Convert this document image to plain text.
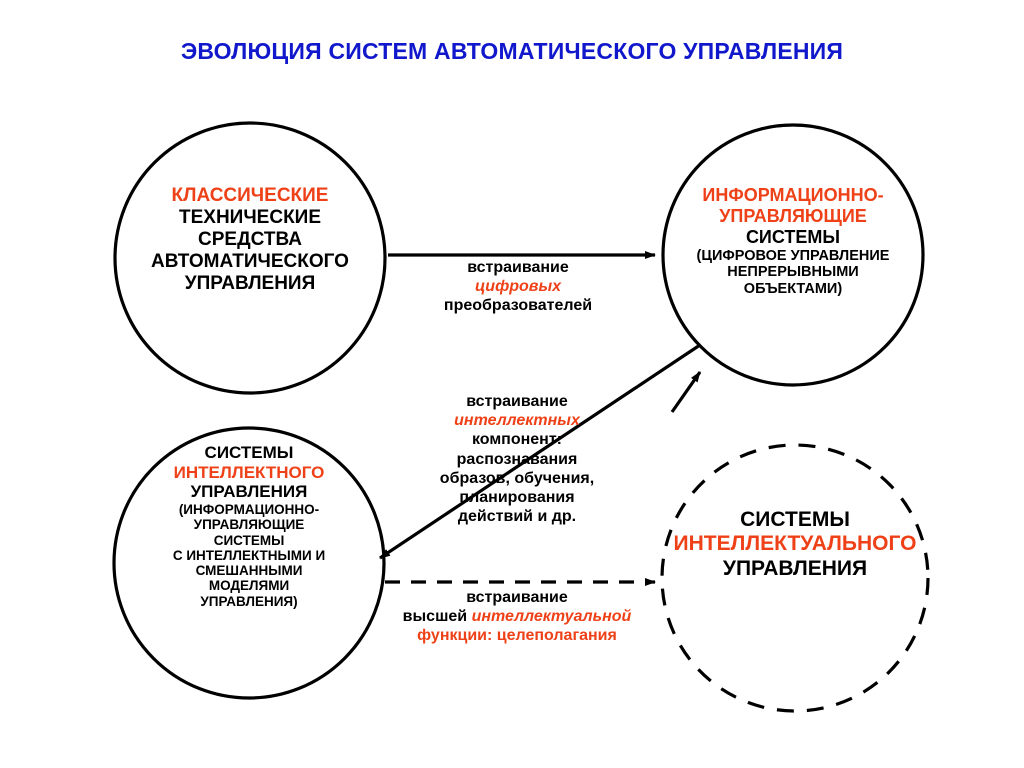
ЭВОЛЮЦИЯ СИСТЕМ АВТОМАТИЧЕСКОГО УПРАВЛЕНИЯ
КЛАССИЧЕСКИЕ
ТЕХНИЧЕСКИЕ
СРЕДСТВА
АВТОМАТИЧЕСКОГО
УПРАВЛЕНИЯ
ИНФОРМАЦИОННО-
УПРАВЛЯЮЩИЕ
СИСТЕМЫ
(ЦИФРОВОЕ УПРАВЛЕНИЕ
НЕПРЕРЫВНЫМИ
ОБЪЕКТАМИ)
СИСТЕМЫ
ИНТЕЛЛЕКТНОГО
УПРАВЛЕНИЯ
(ИНФОРМАЦИОННО-
УПРАВЛЯЮЩИЕ
СИСТЕМЫ
С ИНТЕЛЛЕКТНЫМИ И
СМЕШАННЫМИ
МОДЕЛЯМИ
УПРАВЛЕНИЯ)
СИСТЕМЫ
ИНТЕЛЛЕКТУАЛЬНОГО
УПРАВЛЕНИЯ
встраивание
цифровых
преобразователей
встраивание
интеллектных
компонент:
распознавания
образов, обучения,
планирования
действий и др.
встраивание
высшей интеллектуальной
функции: целеполагания
